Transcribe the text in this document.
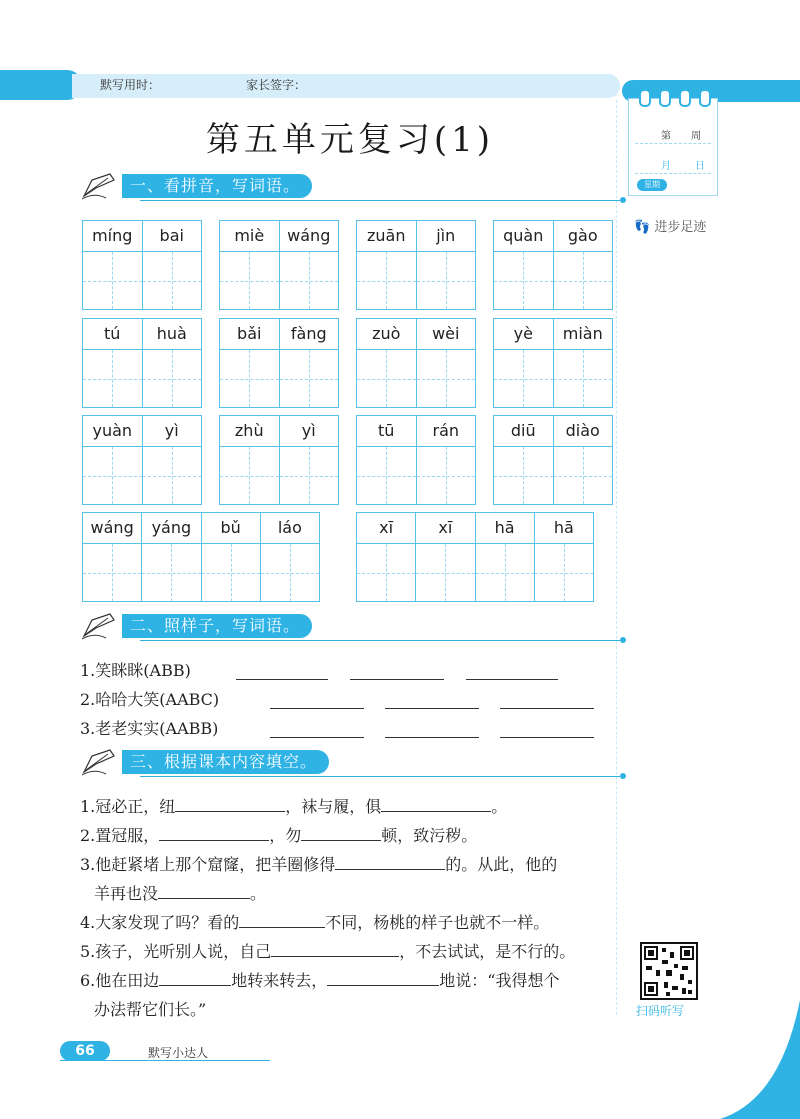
默写用时：	家长签字：
第 周
月 日
星期
👣 进步足迹
第五单元复习(1)
一、看拼音，写词语。
míng	bai	miè	wáng	zuān	jìn	quàn	gào
tú	huà	bǎi	fàng	zuò	wèi	yè	miàn
yuàn	yì	zhù	yì	tū	rán	diū	diào
wáng	yáng	bǔ	láo	xī	xī	hā	hā
二、照样子，写词语。
1.笑眯眯(ABB)
2.哈哈大笑(AABC)
3.老老实实(AABB)
三、根据课本内容填空。
1.冠必正，纽	，袜与履，俱	。
2.置冠服，	，勿	顿，致污秽。
3.他赶紧堵上那个窟窿，把羊圈修得	的。从此，他的
羊再也没	。
4.大家发现了吗？看的	不同，杨桃的样子也就不一样。
5.孩子，光听别人说，自己	，不去试试，是不行的。
6.他在田边	地转来转去，	地说：“我得想个
办法帮它们长。”	扫码听写
66	默写小达人
